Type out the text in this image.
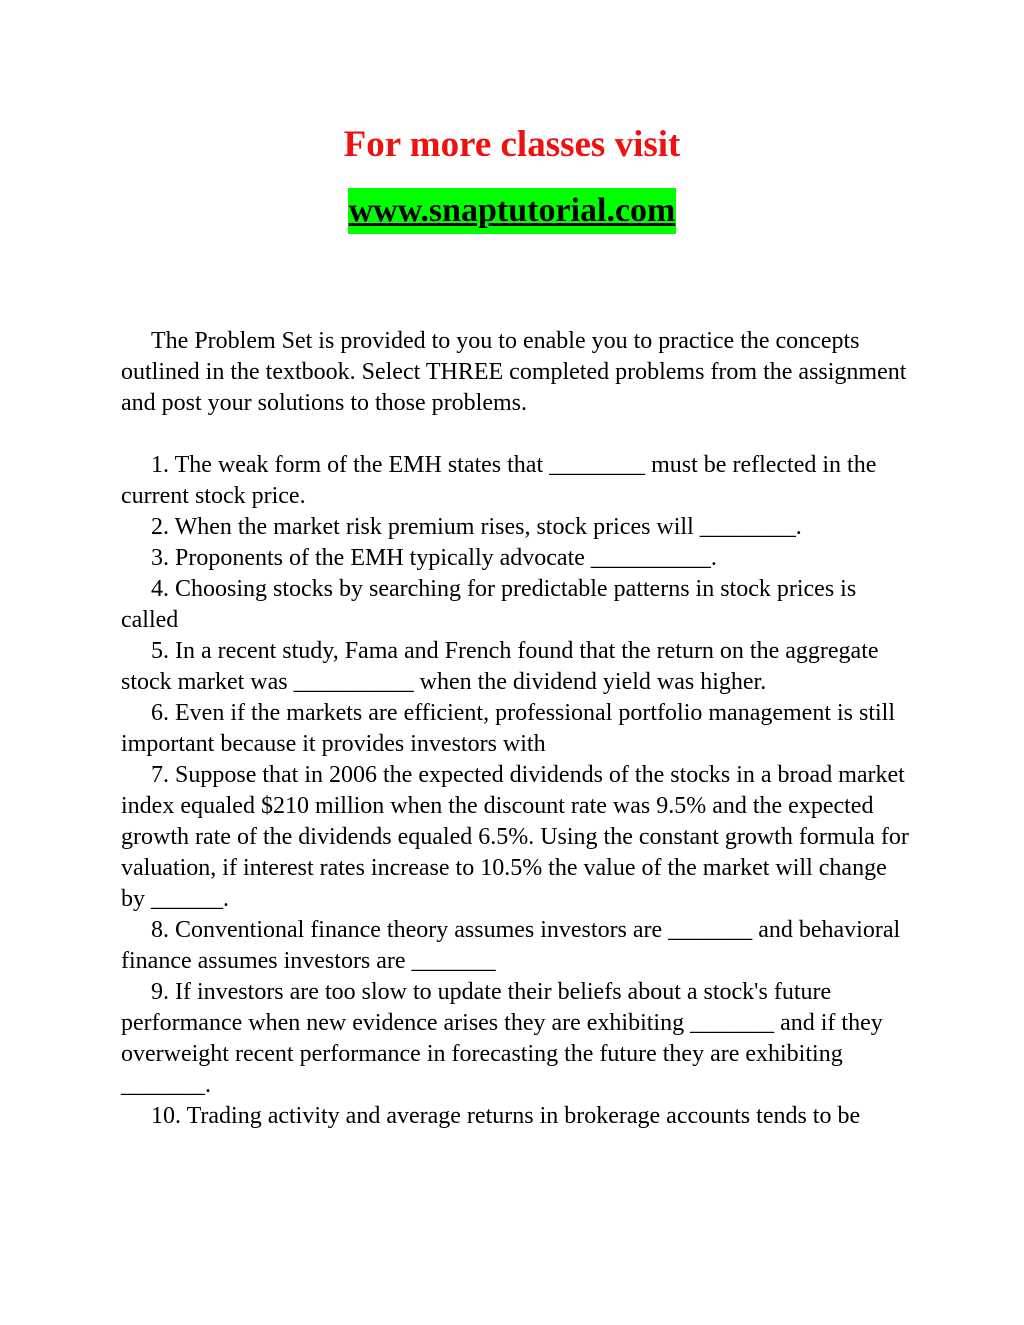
For more classes visit
www.snaptutorial.com

The Problem Set is provided to you to enable you to practice the concepts outlined in the textbook. Select THREE completed problems from the assignment and post your solutions to those problems.

1. The weak form of the EMH states that ________ must be reflected in the current stock price.

2. When the market risk premium rises, stock prices will ________.

3. Proponents of the EMH typically advocate __________.

4. Choosing stocks by searching for predictable patterns in stock prices is called

5. In a recent study, Fama and French found that the return on the aggregate stock market was __________ when the dividend yield was higher.

6. Even if the markets are efficient, professional portfolio management is still important because it provides investors with

7. Suppose that in 2006 the expected dividends of the stocks in a broad market index equaled $210 million when the discount rate was 9.5% and the expected growth rate of the dividends equaled 6.5%. Using the constant growth formula for valuation, if interest rates increase to 10.5% the value of the market will change by ______.

8. Conventional finance theory assumes investors are _______ and behavioral finance assumes investors are _______

9. If investors are too slow to update their beliefs about a stock's future performance when new evidence arises they are exhibiting _______ and if they overweight recent performance in forecasting the future they are exhibiting _______.

10. Trading activity and average returns in brokerage accounts tends to be
